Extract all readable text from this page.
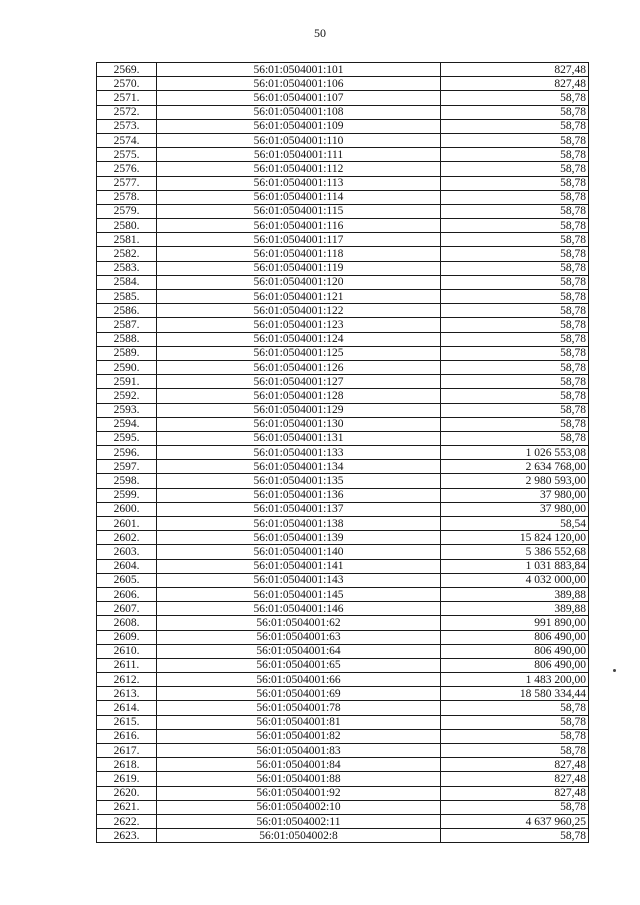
50
2569.	56:01:0504001:101	827,48
2570.	56:01:0504001:106	827,48
2571.	56:01:0504001:107	58,78
2572.	56:01:0504001:108	58,78
2573.	56:01:0504001:109	58,78
2574.	56:01:0504001:110	58,78
2575.	56:01:0504001:111	58,78
2576.	56:01:0504001:112	58,78
2577.	56:01:0504001:113	58,78
2578.	56:01:0504001:114	58,78
2579.	56:01:0504001:115	58,78
2580.	56:01:0504001:116	58,78
2581.	56:01:0504001:117	58,78
2582.	56:01:0504001:118	58,78
2583.	56:01:0504001:119	58,78
2584.	56:01:0504001:120	58,78
2585.	56:01:0504001:121	58,78
2586.	56:01:0504001:122	58,78
2587.	56:01:0504001:123	58,78
2588.	56:01:0504001:124	58,78
2589.	56:01:0504001:125	58,78
2590.	56:01:0504001:126	58,78
2591.	56:01:0504001:127	58,78
2592.	56:01:0504001:128	58,78
2593.	56:01:0504001:129	58,78
2594.	56:01:0504001:130	58,78
2595.	56:01:0504001:131	58,78
2596.	56:01:0504001:133	1 026 553,08
2597.	56:01:0504001:134	2 634 768,00
2598.	56:01:0504001:135	2 980 593,00
2599.	56:01:0504001:136	37 980,00
2600.	56:01:0504001:137	37 980,00
2601.	56:01:0504001:138	58,54
2602.	56:01:0504001:139	15 824 120,00
2603.	56:01:0504001:140	5 386 552,68
2604.	56:01:0504001:141	1 031 883,84
2605.	56:01:0504001:143	4 032 000,00
2606.	56:01:0504001:145	389,88
2607.	56:01:0504001:146	389,88
2608.	56:01:0504001:62	991 890,00
2609.	56:01:0504001:63	806 490,00
2610.	56:01:0504001:64	806 490,00
2611.	56:01:0504001:65	806 490,00
2612.	56:01:0504001:66	1 483 200,00
2613.	56:01:0504001:69	18 580 334,44
2614.	56:01:0504001:78	58,78
2615.	56:01:0504001:81	58,78
2616.	56:01:0504001:82	58,78
2617.	56:01:0504001:83	58,78
2618.	56:01:0504001:84	827,48
2619.	56:01:0504001:88	827,48
2620.	56:01:0504001:92	827,48
2621.	56:01:0504002:10	58,78
2622.	56:01:0504002:11	4 637 960,25
2623.	56:01:0504002:8	58,78
